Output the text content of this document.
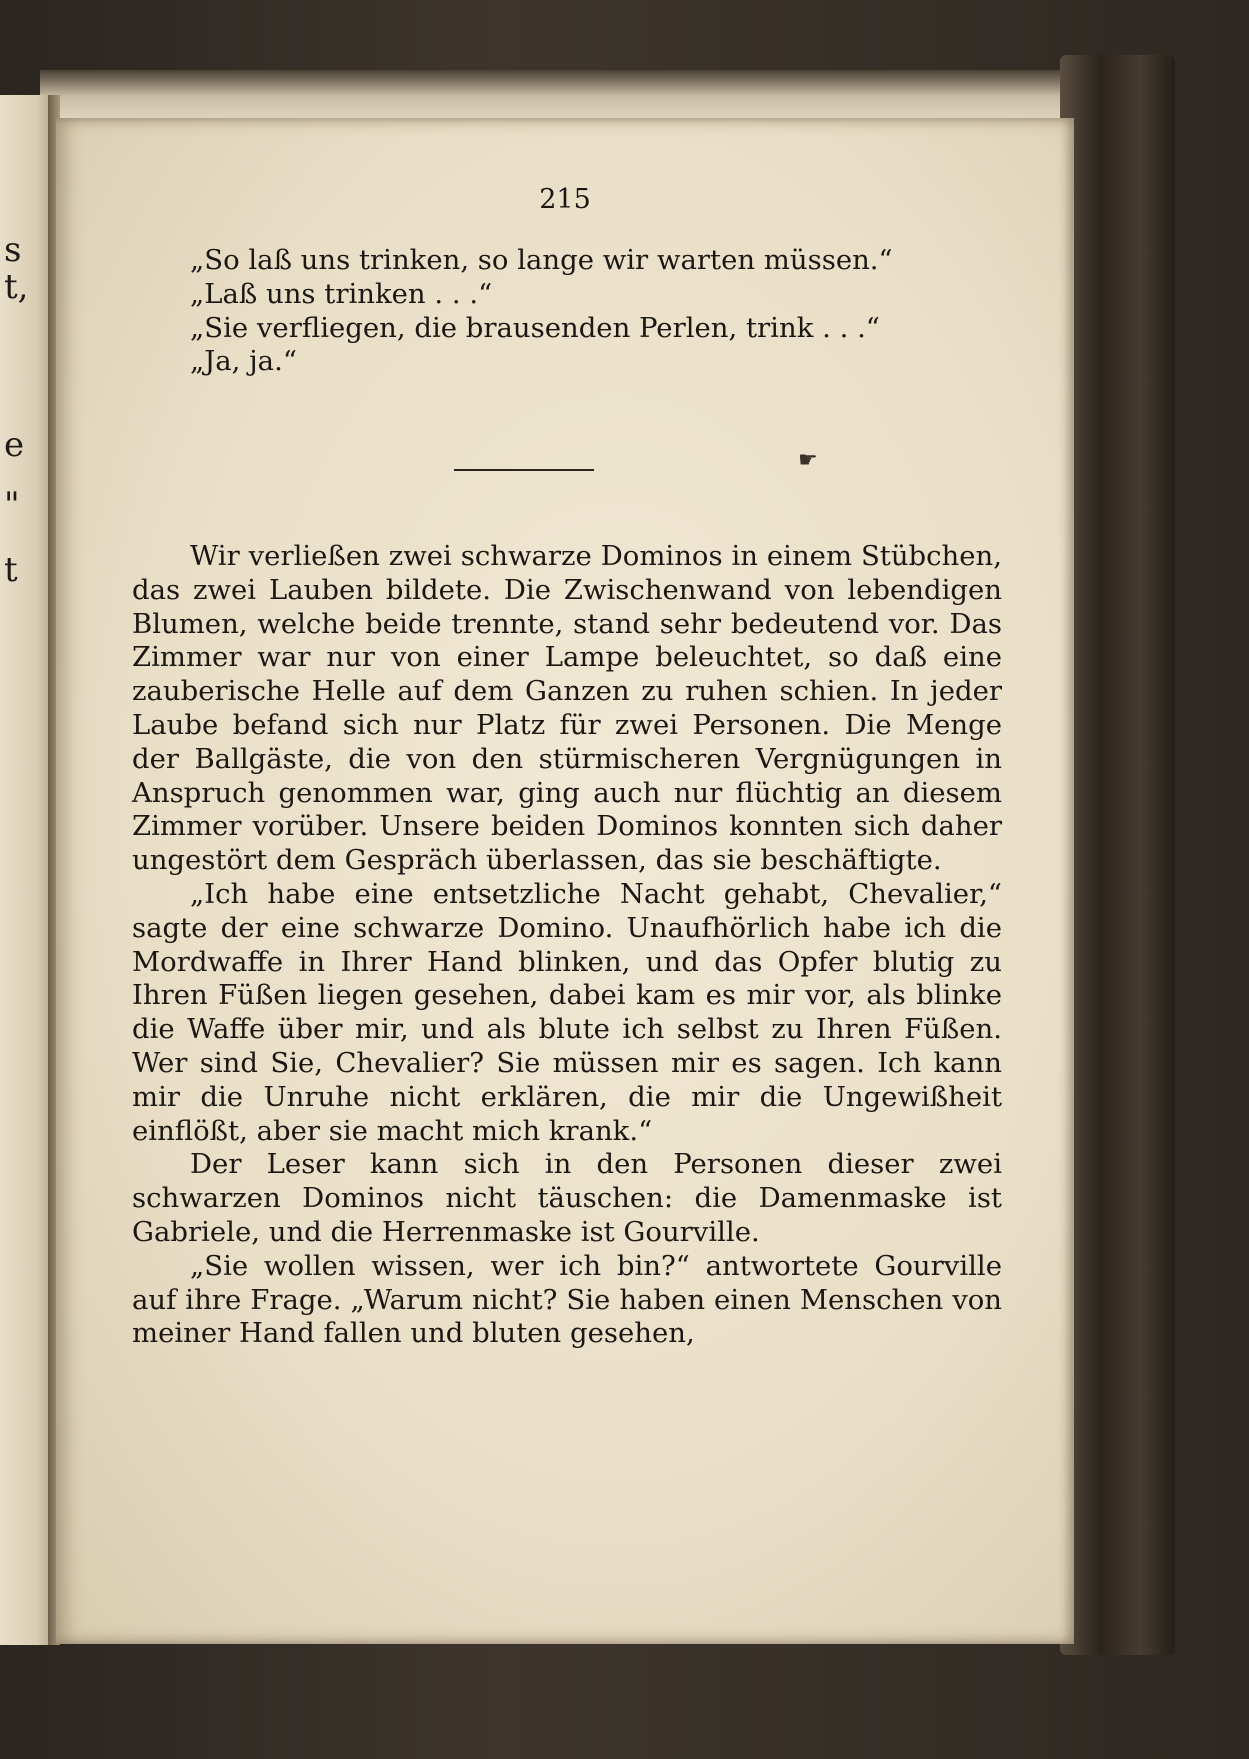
s
t,
e
"
t
215
„So laß uns trinken, so lange wir warten müssen.“
„Laß uns trinken . . .“
„Sie verfliegen, die brausenden Perlen, trink . . .“
„Ja, ja.“
☛

Wir verließen zwei schwarze Dominos in einem Stübchen, das zwei Lauben bildete. Die Zwischenwand von lebendigen Blumen, welche beide trennte, stand sehr bedeutend vor. Das Zimmer war nur von einer Lampe beleuchtet, so daß eine zauberische Helle auf dem Ganzen zu ruhen schien. In jeder Laube befand sich nur Platz für zwei Personen. Die Menge der Ballgäste, die von den stürmischeren Vergnügungen in Anspruch genommen war, ging auch nur flüchtig an diesem Zimmer vorüber. Unsere beiden Dominos konnten sich daher ungestört dem Gespräch überlassen, das sie beschäftigte.

„Ich habe eine entsetzliche Nacht gehabt, Chevalier,“ sagte der eine schwarze Domino. Unaufhörlich habe ich die Mordwaffe in Ihrer Hand blinken, und das Opfer blutig zu Ihren Füßen liegen gesehen, dabei kam es mir vor, als blinke die Waffe über mir, und als blute ich selbst zu Ihren Füßen. Wer sind Sie, Chevalier? Sie müssen mir es sagen. Ich kann mir die Unruhe nicht erklären, die mir die Ungewißheit einflößt, aber sie macht mich krank.“

Der Leser kann sich in den Personen dieser zwei schwarzen Dominos nicht täuschen: die Damenmaske ist Gabriele, und die Herrenmaske ist Gourville.

„Sie wollen wissen, wer ich bin?“ antwortete Gourville auf ihre Frage. „Warum nicht? Sie haben einen Menschen von meiner Hand fallen und bluten gesehen,
